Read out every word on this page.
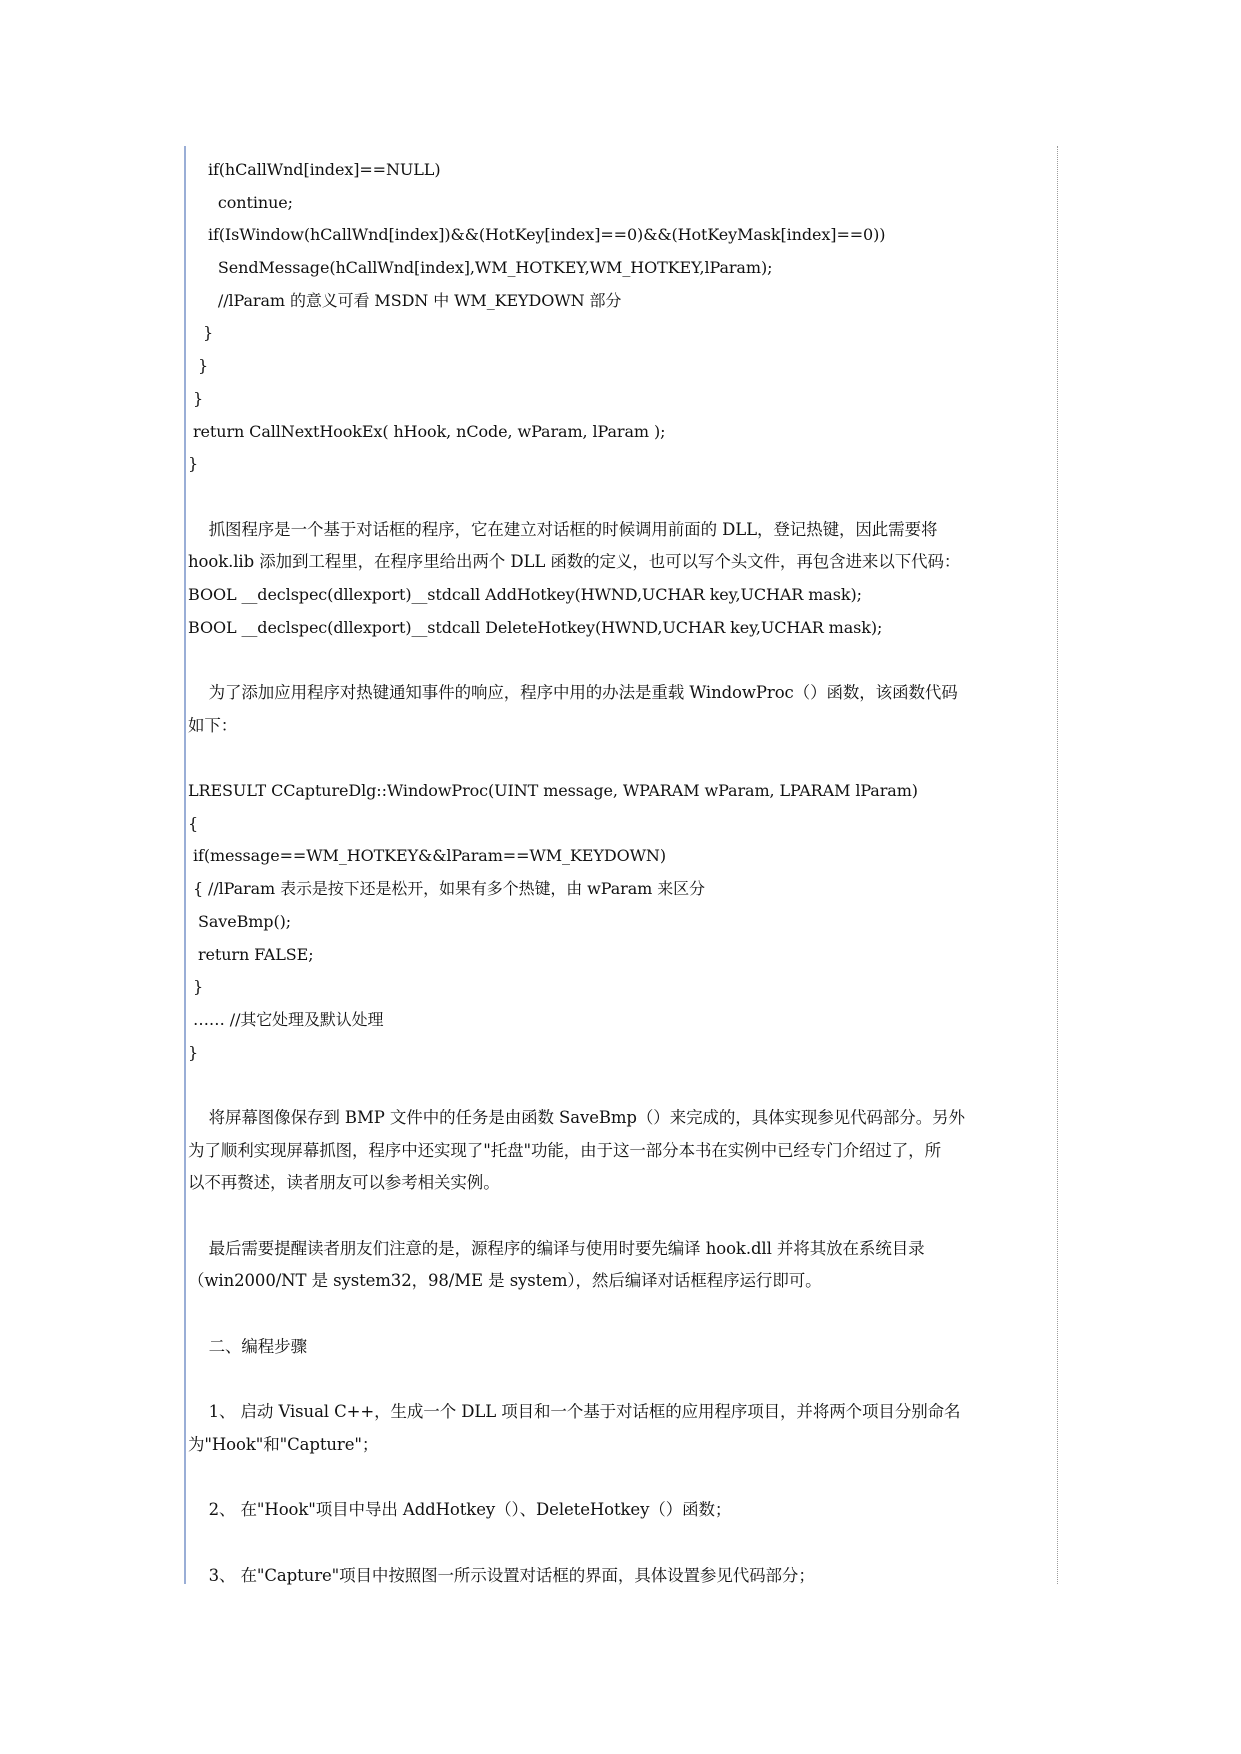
if(hCallWnd[index]==NULL)
continue;
if(IsWindow(hCallWnd[index])&&(HotKey[index]==0)&&(HotKeyMask[index]==0))
SendMessage(hCallWnd[index],WM_HOTKEY,WM_HOTKEY,lParam);
//lParam 的意义可看 MSDN 中 WM_KEYDOWN 部分
}
}
}
return CallNextHookEx( hHook, nCode, wParam, lParam );
}
抓图程序是一个基于对话框的程序，它在建立对话框的时候调用前面的 DLL，登记热键，因此需要将
hook.lib 添加到工程里，在程序里给出两个 DLL 函数的定义，也可以写个头文件，再包含进来以下代码：
BOOL __declspec(dllexport)__stdcall AddHotkey(HWND,UCHAR key,UCHAR mask);
BOOL __declspec(dllexport)__stdcall DeleteHotkey(HWND,UCHAR key,UCHAR mask);
为了添加应用程序对热键通知事件的响应，程序中用的办法是重载 WindowProc（）函数，该函数代码
如下：
LRESULT CCaptureDlg::WindowProc(UINT message, WPARAM wParam, LPARAM lParam)
{
if(message==WM_HOTKEY&&lParam==WM_KEYDOWN)
{ //lParam 表示是按下还是松开，如果有多个热键，由 wParam 来区分
SaveBmp();
return FALSE;
}
…… //其它处理及默认处理
}
将屏幕图像保存到 BMP 文件中的任务是由函数 SaveBmp（）来完成的，具体实现参见代码部分。另外
为了顺利实现屏幕抓图，程序中还实现了"托盘"功能，由于这一部分本书在实例中已经专门介绍过了，所
以不再赘述，读者朋友可以参考相关实例。
最后需要提醒读者朋友们注意的是，源程序的编译与使用时要先编译 hook.dll 并将其放在系统目录
（win2000/NT 是 system32，98/ME 是 system），然后编译对话框程序运行即可。
二、编程步骤
1、 启动 Visual C++，生成一个 DLL 项目和一个基于对话框的应用程序项目，并将两个项目分别命名
为"Hook"和"Capture"；
2、 在"Hook"项目中导出 AddHotkey（）、DeleteHotkey（）函数；
3、 在"Capture"项目中按照图一所示设置对话框的界面，具体设置参见代码部分；
